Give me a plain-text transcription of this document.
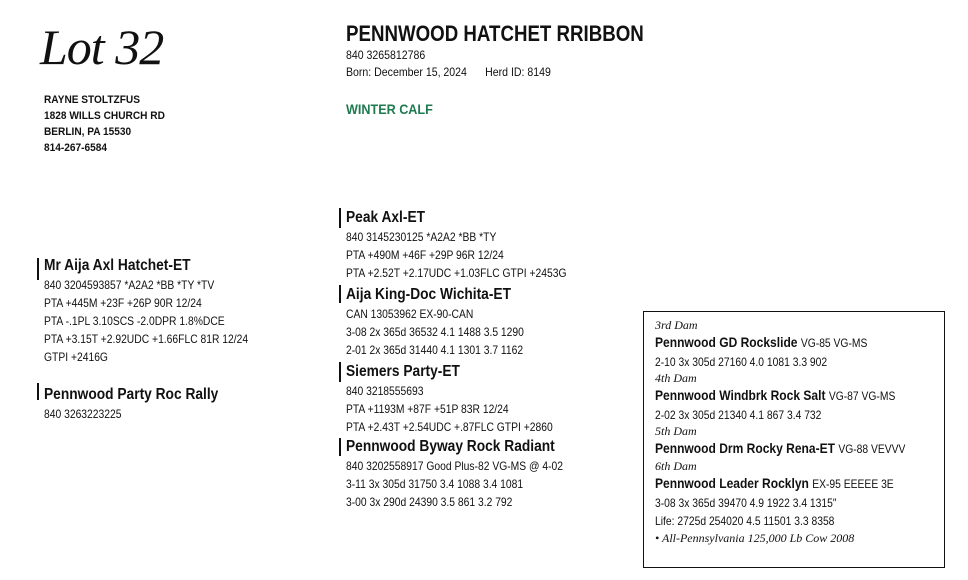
Lot 32
RAYNE STOLTZFUS
1828 WILLS CHURCH RD
BERLIN, PA 15530
814-267-6584
PENNWOOD HATCHET RRIBBON
840 3265812786
Born: December 15, 2024 Herd ID: 8149
WINTER CALF
Mr Aija Axl Hatchet-ET
840 3204593857 *A2A2 *BB *TY *TV
PTA +445M +23F +26P 90R 12/24
PTA -.1PL 3.10SCS -2.0DPR 1.8%DCE
PTA +3.15T +2.92UDC +1.66FLC 81R 12/24
GTPI +2416G
Pennwood Party Roc Rally
840 3263223225
Peak Axl-ET
840 3145230125 *A2A2 *BB *TY
PTA +490M +46F +29P 96R 12/24
PTA +2.52T +2.17UDC +1.03FLC GTPI +2453G
Aija King-Doc Wichita-ET
CAN 13053962 EX-90-CAN
3-08 2x 365d 36532 4.1 1488 3.5 1290
2-01 2x 365d 31440 4.1 1301 3.7 1162
Siemers Party-ET
840 3218555693
PTA +1193M +87F +51P 83R 12/24
PTA +2.43T +2.54UDC +.87FLC GTPI +2860
Pennwood Byway Rock Radiant
840 3202558917 Good Plus-82 VG-MS @ 4-02
3-11 3x 305d 31750 3.4 1088 3.4 1081
3-00 3x 290d 24390 3.5 861 3.2 792
3rd Dam
Pennwood GD Rockslide VG-85 VG-MS
2-10 3x 305d 27160 4.0 1081 3.3 902
4th Dam
Pennwood Windbrk Rock Salt VG-87 VG-MS
2-02 3x 305d 21340 4.1 867 3.4 732
5th Dam
Pennwood Drm Rocky Rena-ET VG-88 VEVVV
6th Dam
Pennwood Leader Rocklyn EX-95 EEEEE 3E
3-08 3x 365d 39470 4.9 1922 3.4 1315"
Life: 2725d 254020 4.5 11501 3.3 8358
• All-Pennsylvania 125,000 Lb Cow 2008
